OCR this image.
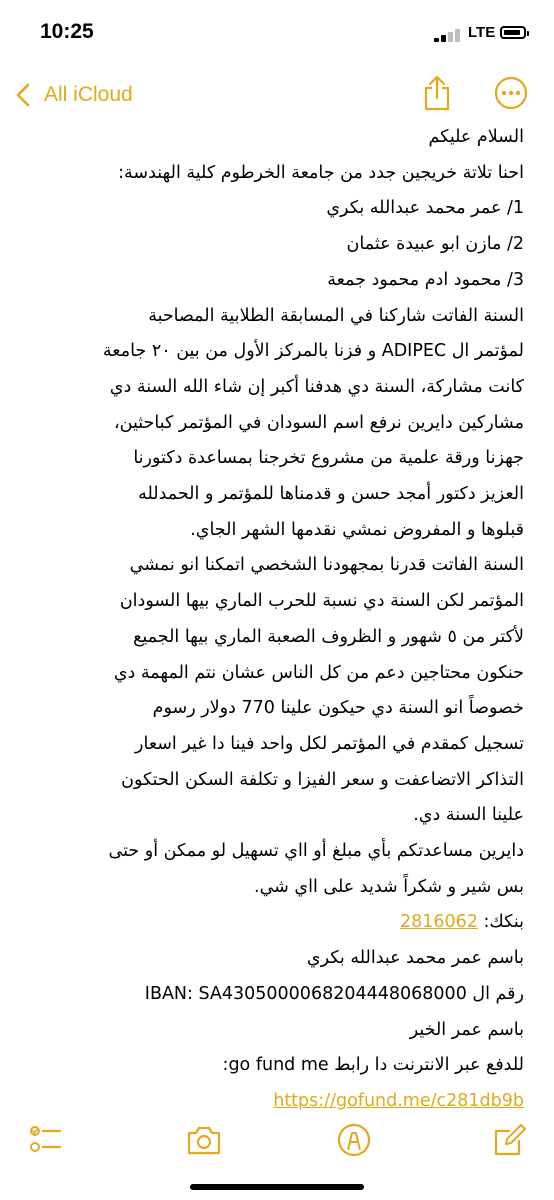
10:25	LTE
All iCloud
السلام عليكم
احنا تلاتة خريجين جدد من جامعة الخرطوم كلية الهندسة:
1/ عمر محمد عبدالله بكري
2/ مازن ابو عبيدة عثمان
3/ محمود ادم محمود جمعة
السنة الفاتت شاركنا في المسابقة الطلابية المصاحبة
لمؤتمر ال ADIPEC و فزنا بالمركز الأول من بين ٢٠ جامعة
كانت مشاركة، السنة دي هدفنا أكبر إن شاء الله السنة دي
مشاركين دايرين نرفع اسم السودان في المؤتمر كباحثين،
جهزنا ورقة علمية من مشروع تخرجنا بمساعدة دكتورنا
العزيز دكتور أمجد حسن و قدمناها للمؤتمر و الحمدلله
قبلوها و المفروض نمشي نقدمها الشهر الجاي.
السنة الفاتت قدرنا بمجهودنا الشخصي اتمكنا انو نمشي
المؤتمر لكن السنة دي نسبة للحرب الماري بيها السودان
لأكتر من ٥ شهور و الظروف الصعبة الماري بيها الجميع
حنكون محتاجين دعم من كل الناس عشان نتم المهمة دي
خصوصاً انو السنة دي حيكون علينا 770 دولار رسوم
تسجيل كمقدم في المؤتمر لكل واحد فينا دا غير اسعار
التذاكر الاتضاعفت و سعر الفيزا و تكلفة السكن الحتكون
علينا السنة دي.
دايرين مساعدتكم بأي مبلغ أو ااي تسهيل لو ممكن أو حتى
بس شير و شكراً شديد على ااي شي.
بنكك: 2816062
باسم عمر محمد عبدالله بكري
رقم ال IBAN: SA4305000068204448068000
باسم عمر الخير
للدفع عبر الانترنت دا رابط go fund me:
https://gofund.me/c281db9b
